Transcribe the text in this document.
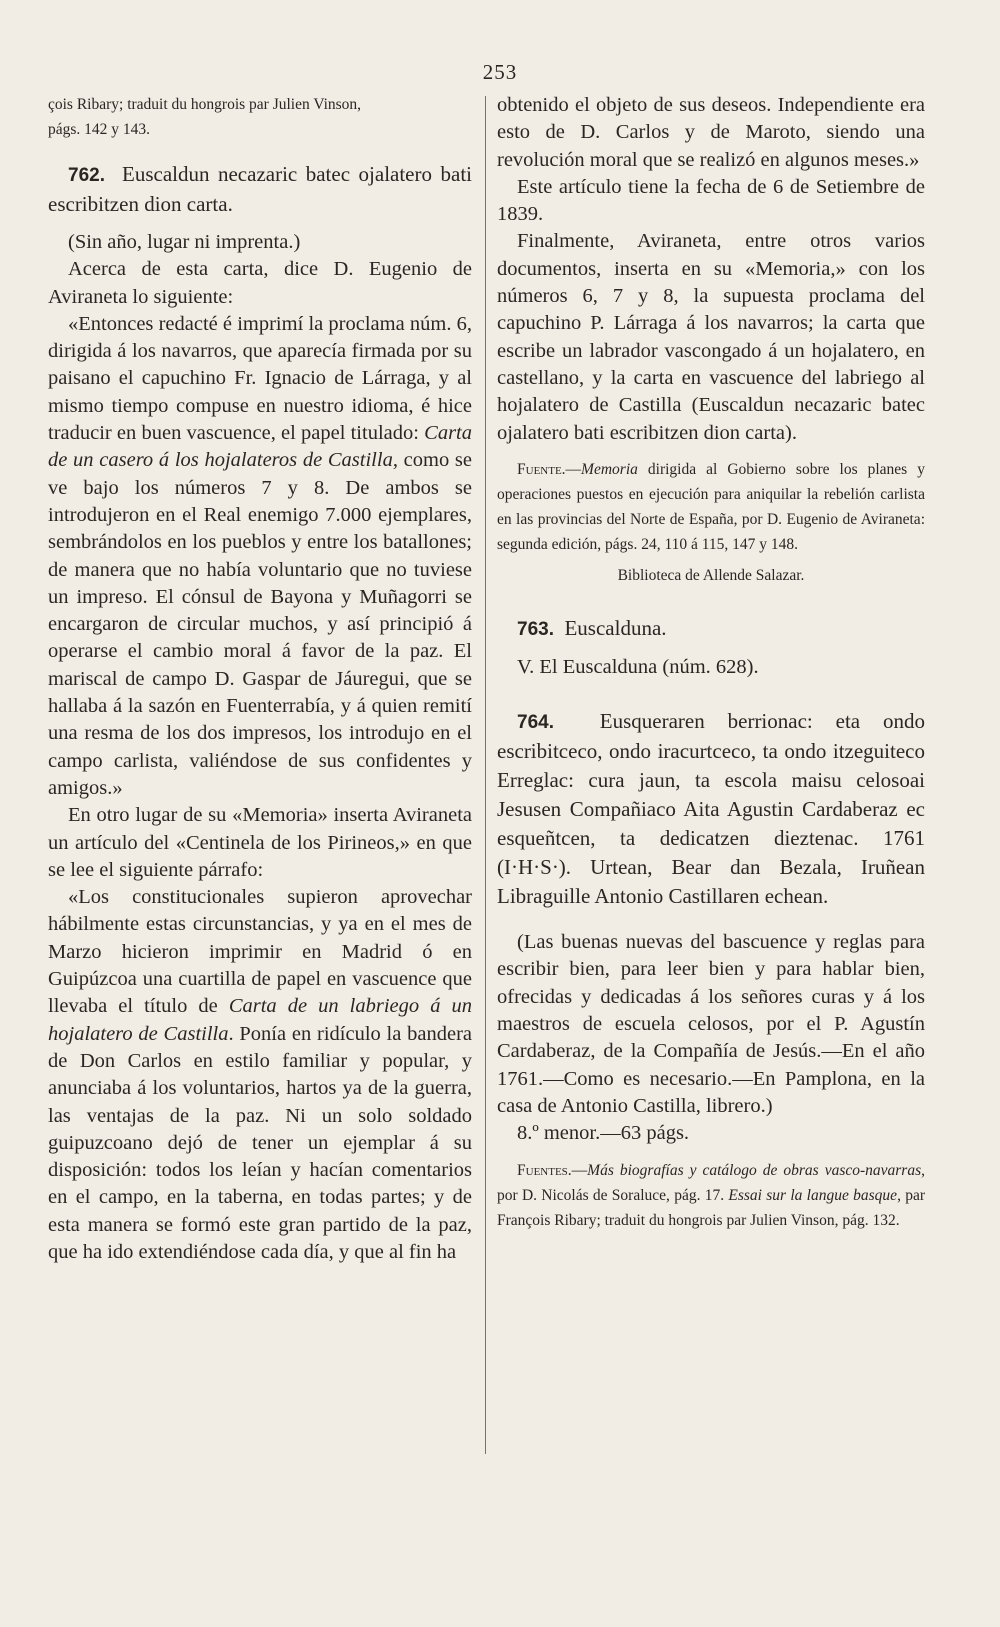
253

çois Ribary; traduit du hongrois par Julien Vinson,
págs. 142 y 143.

762. Euscaldun necazaric batec ojalatero bati escribitzen dion carta.

(Sin año, lugar ni imprenta.)

Acerca de esta carta, dice D. Eugenio de Aviraneta lo siguiente:

«Entonces redacté é imprimí la proclama núm. 6, dirigida á los navarros, que aparecía firmada por su paisano el capuchino Fr. Ignacio de Lárraga, y al mismo tiempo compuse en nuestro idioma, é hice traducir en buen vascuence, el papel titulado: Carta de un casero á los hojalateros de Castilla, como se ve bajo los números 7 y 8. De ambos se introdujeron en el Real enemigo 7.000 ejemplares, sembrándolos en los pueblos y entre los batallones; de manera que no había voluntario que no tuviese un impreso. El cónsul de Bayona y Muñagorri se encargaron de circular muchos, y así principió á operarse el cambio moral á favor de la paz. El mariscal de campo D. Gaspar de Jáuregui, que se hallaba á la sazón en Fuenterrabía, y á quien remití una resma de los dos impresos, los introdujo en el campo carlista, valiéndose de sus confidentes y amigos.»

En otro lugar de su «Memoria» inserta Aviraneta un artículo del «Centinela de los Pirineos,» en que se lee el siguiente párrafo:

«Los constitucionales supieron aprovechar hábilmente estas circunstancias, y ya en el mes de Marzo hicieron imprimir en Madrid ó en Guipúzcoa una cuartilla de papel en vascuence que llevaba el título de Carta de un labriego á un hojalatero de Castilla. Ponía en ridículo la bandera de Don Carlos en estilo familiar y popular, y anunciaba á los voluntarios, hartos ya de la guerra, las ventajas de la paz. Ni un solo soldado guipuzcoano dejó de tener un ejemplar á su disposición: todos los leían y hacían comentarios en el campo, en la taberna, en todas partes; y de esta manera se formó este gran partido de la paz, que ha ido extendiéndose cada día, y que al fin ha

obtenido el objeto de sus deseos. Independiente era esto de D. Carlos y de Maroto, siendo una revolución moral que se realizó en algunos meses.»

Este artículo tiene la fecha de 6 de Setiembre de 1839.

Finalmente, Aviraneta, entre otros varios documentos, inserta en su «Memoria,» con los números 6, 7 y 8, la supuesta proclama del capuchino P. Lárraga á los navarros; la carta que escribe un labrador vascongado á un hojalatero, en castellano, y la carta en vascuence del labriego al hojalatero de Castilla (Euscaldun necazaric batec ojalatero bati escribitzen dion carta).

Fuente.—Memoria dirigida al Gobierno sobre los planes y operaciones puestos en ejecución para aniquilar la rebelión carlista en las provincias del Norte de España, por D. Eugenio de Aviraneta: segunda edición, págs. 24, 110 á 115, 147 y 148.

Biblioteca de Allende Salazar.

763. Euscalduna.

V. El Euscalduna (núm. 628).

764. Eusqueraren berrionac: eta ondo escribitceco, ondo iracurtceco, ta ondo itzeguiteco Erreglac: cura jaun, ta escola maisu celosoai Jesusen Compañiaco Aita Agustin Cardaberaz ec esqueñtcen, ta dedicatzen dieztenac. 1761 (I·H·S·). Urtean, Bear dan Bezala, Iruñean Libraguille Antonio Castillaren echean.

(Las buenas nuevas del bascuence y reglas para escribir bien, para leer bien y para hablar bien, ofrecidas y dedicadas á los señores curas y á los maestros de escuela celosos, por el P. Agustín Cardaberaz, de la Compañía de Jesús.—En el año 1761.—Como es necesario.—En Pamplona, en la casa de Antonio Castilla, librero.)

8.º menor.—63 págs.

Fuentes.—Más biografías y catálogo de obras vasco-navarras, por D. Nicolás de Soraluce, pág. 17. Essai sur la langue basque, par François Ribary; traduit du hongrois par Julien Vinson, pág. 132.
